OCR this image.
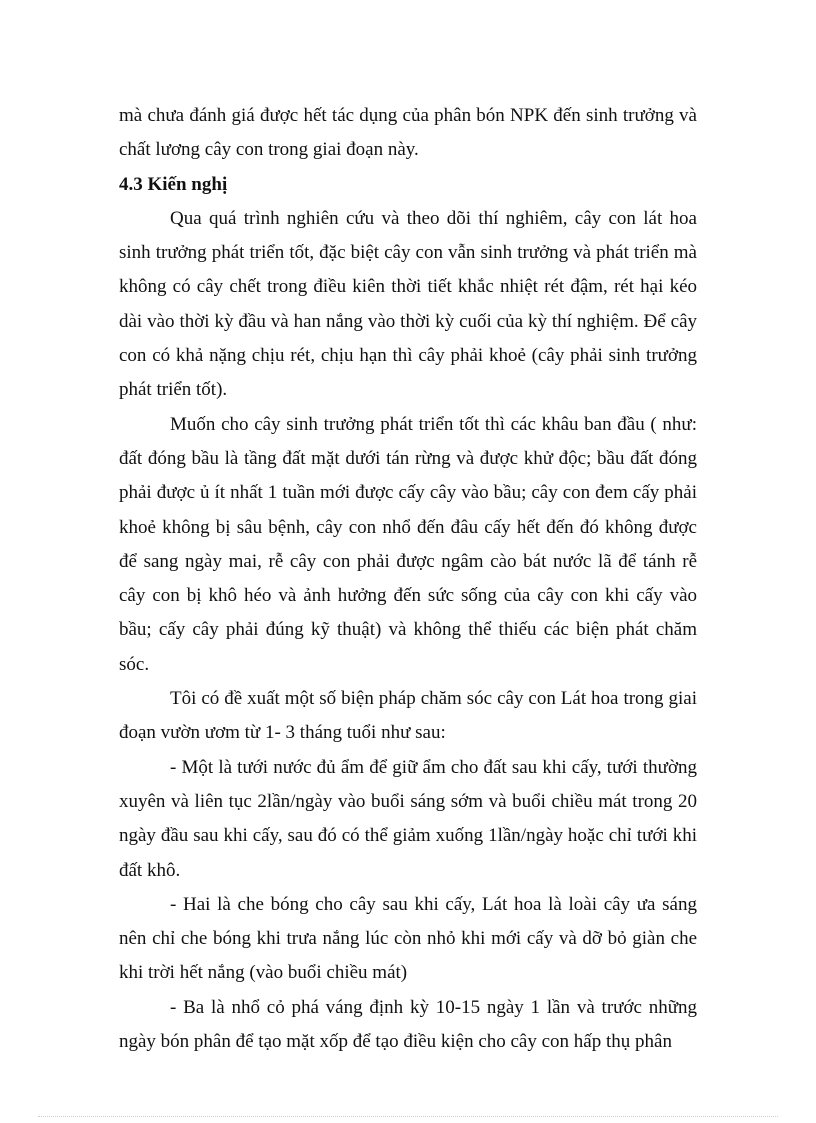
mà chưa đánh giá được hết tác dụng của phân bón NPK đến sinh trưởng và chất lương cây con trong giai đoạn này.

4.3 Kiến nghị

Qua quá trình nghiên cứu và theo dõi thí nghiêm, cây con lát hoa sinh trưởng phát triển tốt, đặc biệt cây con vẫn sinh trưởng và phát triển mà không có cây chết trong điều kiên thời tiết khắc nhiệt rét đậm, rét hại kéo dài vào thời kỳ đầu và han nắng vào thời kỳ cuối của kỳ thí nghiệm. Để cây con có khả nặng chịu rét, chịu hạn thì cây phải khoẻ (cây phải sinh trưởng phát triển tốt).

Muốn cho cây sinh trưởng phát triển tốt thì các khâu ban đầu ( như: đất đóng bầu là tầng đất mặt dưới tán rừng và được khử độc; bầu đất đóng phải được ủ ít nhất 1 tuần mới được cấy cây vào bầu; cây con đem cấy phải khoẻ không bị sâu bệnh, cây con nhổ đến đâu cấy hết đến đó không được để sang ngày mai, rễ cây con phải được ngâm cào bát nước lã để tánh rễ cây con bị khô héo và ảnh hưởng đến sức sống của cây con khi cấy vào bầu; cấy cây phải đúng kỹ thuật) và không thể thiếu các biện phát chăm sóc.

Tôi có đề xuất một số biện pháp chăm sóc cây con Lát hoa trong giai đoạn vườn ươm từ 1- 3 tháng tuổi như sau:

- Một là tưới nước đủ ẩm để giữ ẩm cho đất sau khi cấy, tưới thường xuyên và liên tục 2lần/ngày vào buổi sáng sớm và buổi chiều mát trong 20 ngày đầu sau khi cấy, sau đó có thể giảm xuống 1lần/ngày hoặc chỉ tưới khi đất khô.

- Hai là che bóng cho cây sau khi cấy, Lát hoa là loài cây ưa sáng nên chỉ che bóng khi trưa nắng lúc còn nhỏ khi mới cấy và dỡ bỏ giàn che khi trời hết nắng (vào buổi chiều mát)

- Ba là nhổ cỏ phá váng định kỳ 10-15 ngày 1 lần và trước những ngày bón phân để tạo mặt xốp để tạo điều kiện cho cây con hấp thụ phân
